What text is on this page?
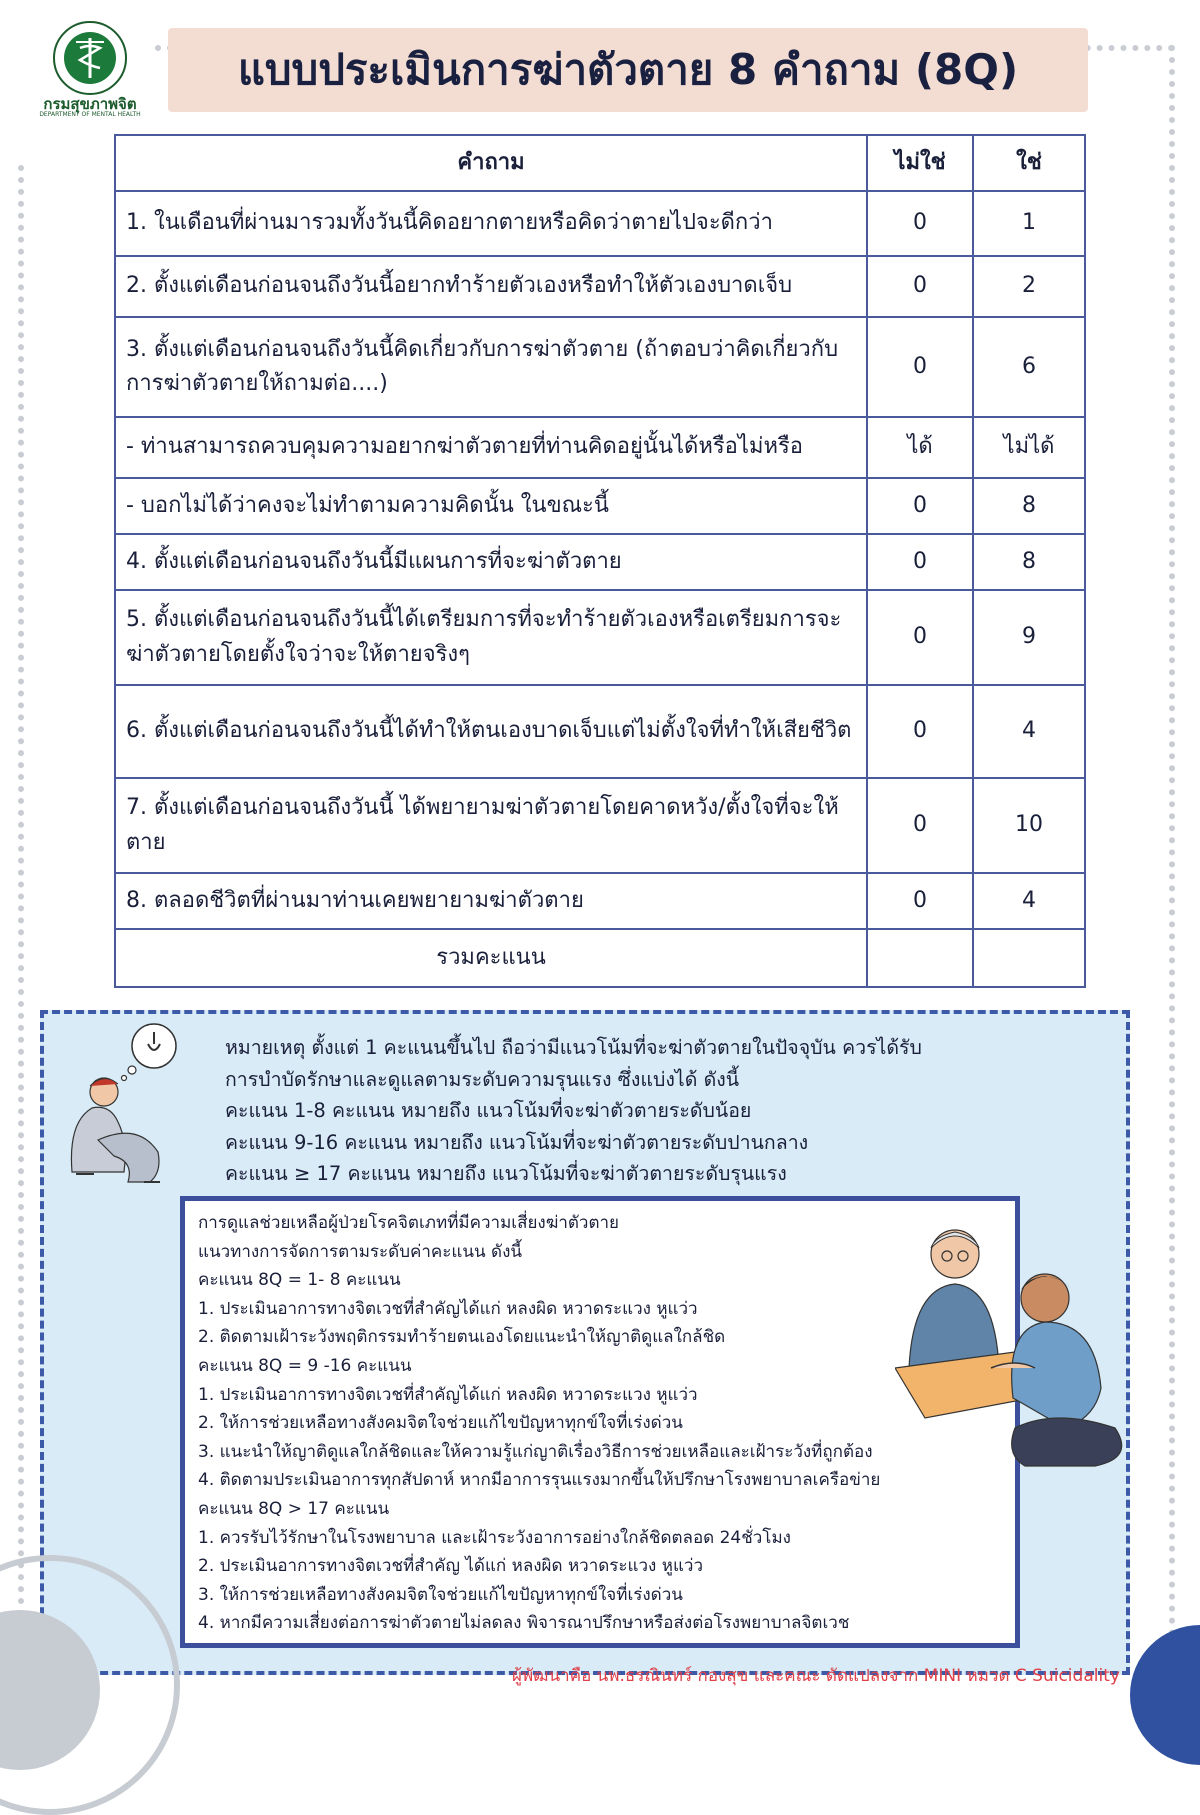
กรมสุขภาพจิต
DEPARTMENT OF MENTAL HEALTH
แบบประเมินการฆ่าตัวตาย 8 คำถาม (8Q)
คำถาม	ไม่ใช่	ใช่
1. ในเดือนที่ผ่านมารวมทั้งวันนี้คิดอยากตายหรือคิดว่าตายไปจะดีกว่า	0	1
2. ตั้งแต่เดือนก่อนจนถึงวันนี้อยากทำร้ายตัวเองหรือทำให้ตัวเองบาดเจ็บ	0	2
3. ตั้งแต่เดือนก่อนจนถึงวันนี้คิดเกี่ยวกับการฆ่าตัวตาย (ถ้าตอบว่าคิดเกี่ยวกับการฆ่าตัวตายให้ถามต่อ....)	0	6
- ท่านสามารถควบคุมความอยากฆ่าตัวตายที่ท่านคิดอยู่นั้นได้หรือไม่หรือ	ได้	ไม่ได้
- บอกไม่ได้ว่าคงจะไม่ทำตามความคิดนั้น ในขณะนี้	0	8
4. ตั้งแต่เดือนก่อนจนถึงวันนี้มีแผนการที่จะฆ่าตัวตาย	0	8
5. ตั้งแต่เดือนก่อนจนถึงวันนี้ได้เตรียมการที่จะทำร้ายตัวเองหรือเตรียมการจะฆ่าตัวตายโดยตั้งใจว่าจะให้ตายจริงๆ	0	9
6. ตั้งแต่เดือนก่อนจนถึงวันนี้ได้ทำให้ตนเองบาดเจ็บแต่ไม่ตั้งใจที่ทำให้เสียชีวิต	0	4
7. ตั้งแต่เดือนก่อนจนถึงวันนี้ ได้พยายามฆ่าตัวตายโดยคาดหวัง/ตั้งใจที่จะให้ตาย	0	10
8. ตลอดชีวิตที่ผ่านมาท่านเคยพยายามฆ่าตัวตาย	0	4
รวมคะแนน		
หมายเหตุ ตั้งแต่ 1 คะแนนขึ้นไป ถือว่ามีแนวโน้มที่จะฆ่าตัวตายในปัจจุบัน ควรได้รับ
การบำบัดรักษาและดูแลตามระดับความรุนแรง ซึ่งแบ่งได้ ดังนี้
คะแนน 1-8 คะแนน หมายถึง แนวโน้มที่จะฆ่าตัวตายระดับน้อย
คะแนน 9-16 คะแนน หมายถึง แนวโน้มที่จะฆ่าตัวตายระดับปานกลาง
คะแนน ≥ 17 คะแนน หมายถึง แนวโน้มที่จะฆ่าตัวตายระดับรุนแรง
การดูแลช่วยเหลือผู้ป่วยโรคจิตเภทที่มีความเสี่ยงฆ่าตัวตาย
แนวทางการจัดการตามระดับค่าคะแนน ดังนี้
คะแนน 8Q = 1- 8 คะแนน
1. ประเมินอาการทางจิตเวชที่สำคัญได้แก่ หลงผิด หวาดระแวง หูแว่ว
2. ติดตามเฝ้าระวังพฤติกรรมทำร้ายตนเองโดยแนะนำให้ญาติดูแลใกล้ชิด
คะแนน 8Q = 9 -16 คะแนน
1. ประเมินอาการทางจิตเวชที่สำคัญได้แก่ หลงผิด หวาดระแวง หูแว่ว
2. ให้การช่วยเหลือทางสังคมจิตใจช่วยแก้ไขปัญหาทุกข์ใจที่เร่งด่วน
3. แนะนำให้ญาติดูแลใกล้ชิดและให้ความรู้แก่ญาติเรื่องวิธีการช่วยเหลือและเฝ้าระวังที่ถูกต้อง
4. ติดตามประเมินอาการทุกสัปดาห์ หากมีอาการรุนแรงมากขึ้นให้ปรึกษาโรงพยาบาลเครือข่าย
คะแนน 8Q > 17 คะแนน
1. ควรรับไว้รักษาในโรงพยาบาล และเฝ้าระวังอาการอย่างใกล้ชิดตลอด 24ชั่วโมง
2. ประเมินอาการทางจิตเวชที่สำคัญ ได้แก่ หลงผิด หวาดระแวง หูแว่ว
3. ให้การช่วยเหลือทางสังคมจิตใจช่วยแก้ไขปัญหาทุกข์ใจที่เร่งด่วน
4. หากมีความเสี่ยงต่อการฆ่าตัวตายไม่ลดลง พิจารณาปรึกษาหรือส่งต่อโรงพยาบาลจิตเวช
ผู้พัฒนาคือ นพ.ธรณินทร์ กองสุข และคณะ ดัดแปลงจาก MINI หมวด C Suicidality
